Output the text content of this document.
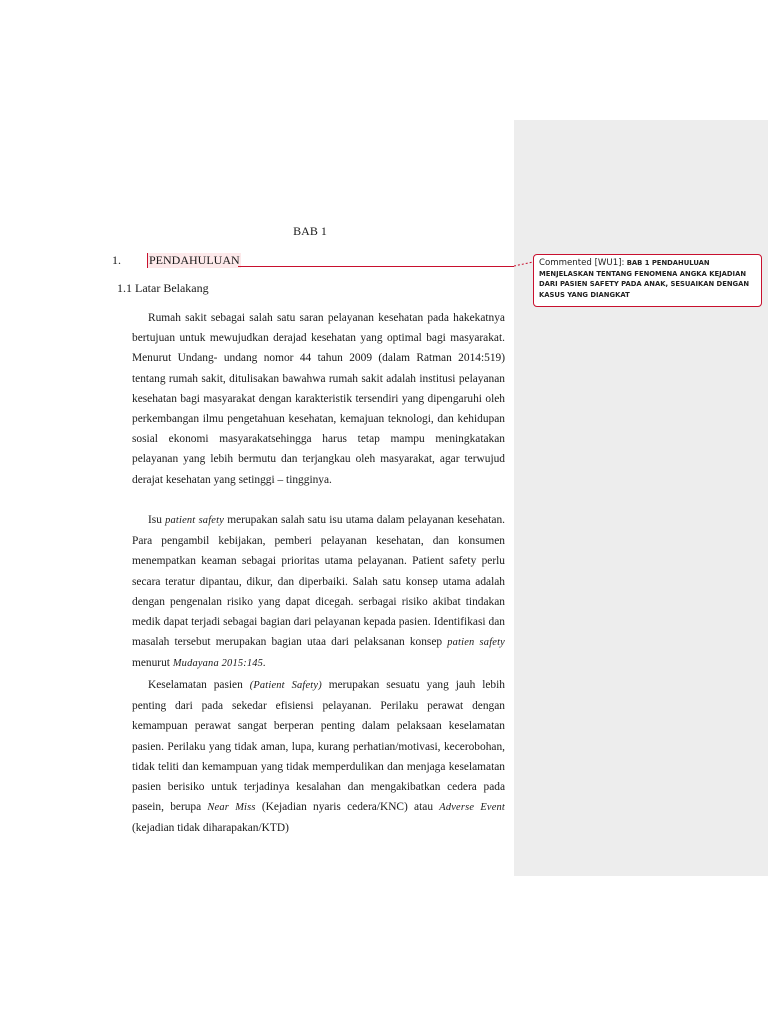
BAB 1
1. PENDAHULUAN
1.1 Latar Belakang

Rumah sakit sebagai salah satu saran pelayanan kesehatan pada hakekatnya bertujuan untuk mewujudkan derajad kesehatan yang optimal bagi masyarakat. Menurut Undang- undang nomor 44 tahun 2009 (dalam Ratman 2014:519) tentang rumah sakit, ditulisakan bawahwa rumah sakit adalah institusi pelayanan kesehatan bagi masyarakat dengan karakteristik tersendiri yang dipengaruhi oleh perkembangan ilmu pengetahuan kesehatan, kemajuan teknologi, dan kehidupan sosial ekonomi masyarakatsehingga harus tetap mampu meningkatakan pelayanan yang lebih bermutu dan terjangkau oleh masyarakat, agar terwujud derajat kesehatan yang setinggi – tingginya.

Isu patient safety merupakan salah satu isu utama dalam pelayanan kesehatan. Para pengambil kebijakan, pemberi pelayanan kesehatan, dan konsumen menempatkan keaman sebagai prioritas utama pelayanan. Patient safety perlu secara teratur dipantau, dikur, dan diperbaiki. Salah satu konsep utama adalah dengan pengenalan risiko yang dapat dicegah. serbagai risiko akibat tindakan medik dapat terjadi sebagai bagian dari pelayanan kepada pasien. Identifikasi dan masalah tersebut merupakan bagian utaa dari pelaksanan konsep patien safety menurut Mudayana 2015:145.

Keselamatan pasien (Patient Safety) merupakan sesuatu yang jauh lebih penting dari pada sekedar efisiensi pelayanan. Perilaku perawat dengan kemampuan perawat sangat berperan penting dalam pelaksaan keselamatan pasien. Perilaku yang tidak aman, lupa, kurang perhatian/motivasi, kecerobohan, tidak teliti dan kemampuan yang tidak memperdulikan dan menjaga keselamatan pasien berisiko untuk terjadinya kesalahan dan mengakibatkan cedera pada pasein, berupa Near Miss (Kejadian nyaris cedera/KNC) atau Adverse Event (kejadian tidak diharapakan/KTD)

Commented [WU1]: BAB 1 PENDAHULUAN MENJELASKAN TENTANG FENOMENA ANGKA KEJADIAN DARI PASIEN SAFETY PADA ANAK, SESUAIKAN DENGAN KASUS YANG DIANGKAT
